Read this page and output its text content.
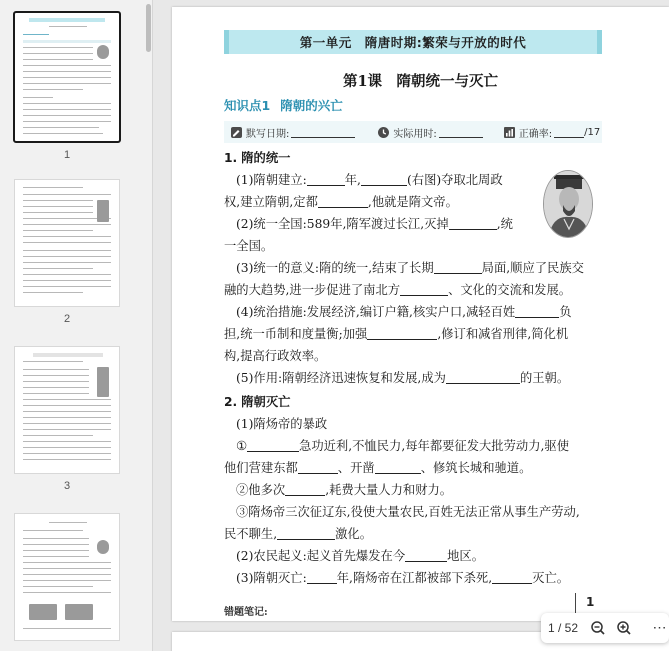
1
2
3
第一单元　隋唐时期:繁荣与开放的时代
第1课　隋朝统一与灭亡
知识点1 隋朝的兴亡
默写日期:	实际用时:	正确率:	/17
1. 隋的统一
(1)隋朝建立:	年,	(右图)夺取北周政
权,建立隋朝,定都	,他就是隋文帝。
(2)统一全国:589年,隋军渡过长江,灭掉	,统
一全国。
(3)统一的意义:隋的统一,结束了长期	局面,顺应了民族交
融的大趋势,进一步促进了南北方	、文化的交流和发展。
(4)统治措施:发展经济,编订户籍,核实户口,减轻百姓	负
担,统一币制和度量衡;加强	,修订和减省刑律,简化机
构,提高行政效率。
(5)作用:隋朝经济迅速恢复和发展,成为	的王朝。
2. 隋朝灭亡
(1)隋炀帝的暴政
①	急功近利,不恤民力,每年都要征发大批劳动力,驱使
他们营建东都	、开凿	、修筑长城和驰道。
②他多次	,耗费大量人力和财力。
③隋炀帝三次征辽东,役使大量农民,百姓无法正常从事生产劳动,
民不聊生,	激化。
(2)农民起义:起义首先爆发在今	地区。
(3)隋朝灭亡: 年,隋炀帝在江都被部下杀死,	灭亡。
错题笔记:
1
1 / 52	⋯
